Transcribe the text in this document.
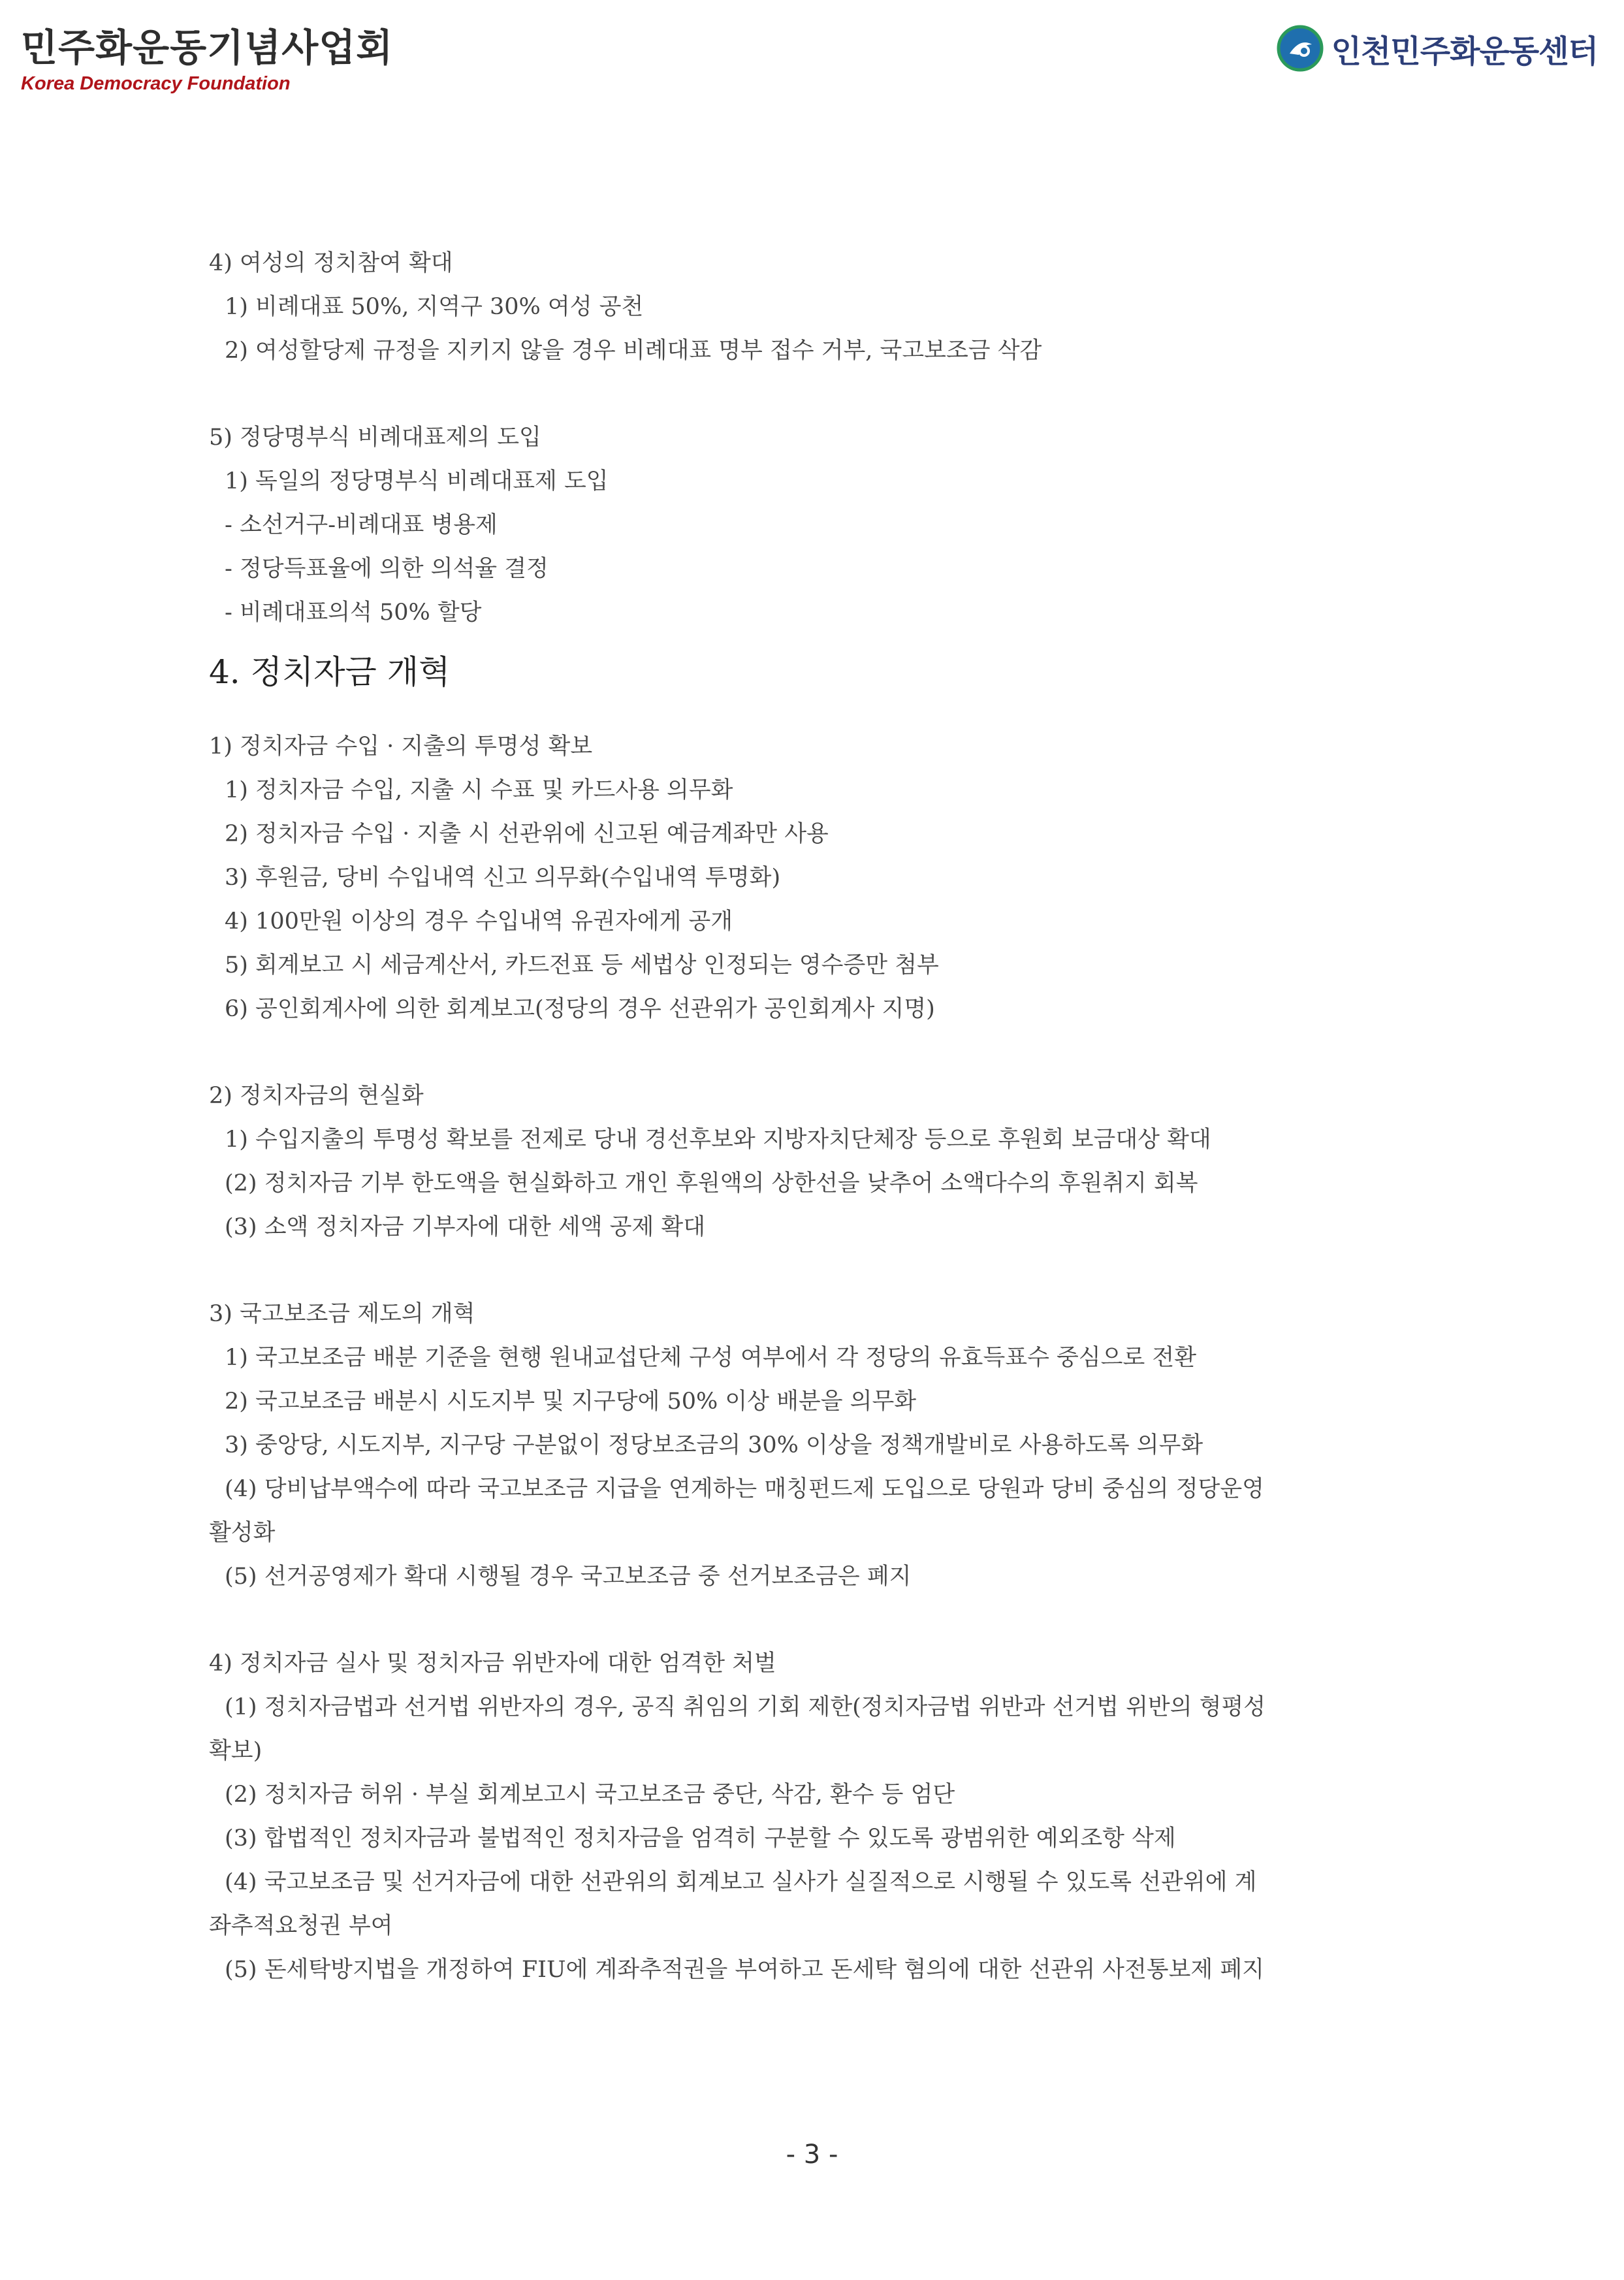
민주화운동기념사업회
Korea Democracy Foundation
인천민주화운동센터
4) 여성의 정치참여 확대
1) 비례대표 50%, 지역구 30% 여성 공천
2) 여성할당제 규정을 지키지 않을 경우 비례대표 명부 접수 거부, 국고보조금 삭감
5) 정당명부식 비례대표제의 도입
1) 독일의 정당명부식 비례대표제 도입
- 소선거구-비례대표 병용제
- 정당득표율에 의한 의석율 결정
- 비례대표의석 50% 할당
4. 정치자금 개혁
1) 정치자금 수입 · 지출의 투명성 확보
1) 정치자금 수입, 지출 시 수표 및 카드사용 의무화
2) 정치자금 수입 · 지출 시 선관위에 신고된 예금계좌만 사용
3) 후원금, 당비 수입내역 신고 의무화(수입내역 투명화)
4) 100만원 이상의 경우 수입내역 유권자에게 공개
5) 회계보고 시 세금계산서, 카드전표 등 세법상 인정되는 영수증만 첨부
6) 공인회계사에 의한 회계보고(정당의 경우 선관위가 공인회계사 지명)
2) 정치자금의 현실화
1) 수입지출의 투명성 확보를 전제로 당내 경선후보와 지방자치단체장 등으로 후원회 보금대상 확대
(2) 정치자금 기부 한도액을 현실화하고 개인 후원액의 상한선을 낮추어 소액다수의 후원취지 회복
(3) 소액 정치자금 기부자에 대한 세액 공제 확대
3) 국고보조금 제도의 개혁
1) 국고보조금 배분 기준을 현행 원내교섭단체 구성 여부에서 각 정당의 유효득표수 중심으로 전환
2) 국고보조금 배분시 시도지부 및 지구당에 50% 이상 배분을 의무화
3) 중앙당, 시도지부, 지구당 구분없이 정당보조금의 30% 이상을 정책개발비로 사용하도록 의무화
(4) 당비납부액수에 따라 국고보조금 지급을 연계하는 매칭펀드제 도입으로 당원과 당비 중심의 정당운영
활성화
(5) 선거공영제가 확대 시행될 경우 국고보조금 중 선거보조금은 폐지
4) 정치자금 실사 및 정치자금 위반자에 대한 엄격한 처벌
(1) 정치자금법과 선거법 위반자의 경우, 공직 취임의 기회 제한(정치자금법 위반과 선거법 위반의 형평성
확보)
(2) 정치자금 허위 · 부실 회계보고시 국고보조금 중단, 삭감, 환수 등 엄단
(3) 합법적인 정치자금과 불법적인 정치자금을 엄격히 구분할 수 있도록 광범위한 예외조항 삭제
(4) 국고보조금 및 선거자금에 대한 선관위의 회계보고 실사가 실질적으로 시행될 수 있도록 선관위에 계
좌추적요청권 부여
(5) 돈세탁방지법을 개정하여 FIU에 계좌추적권을 부여하고 돈세탁 혐의에 대한 선관위 사전통보제 폐지
- 3 -
